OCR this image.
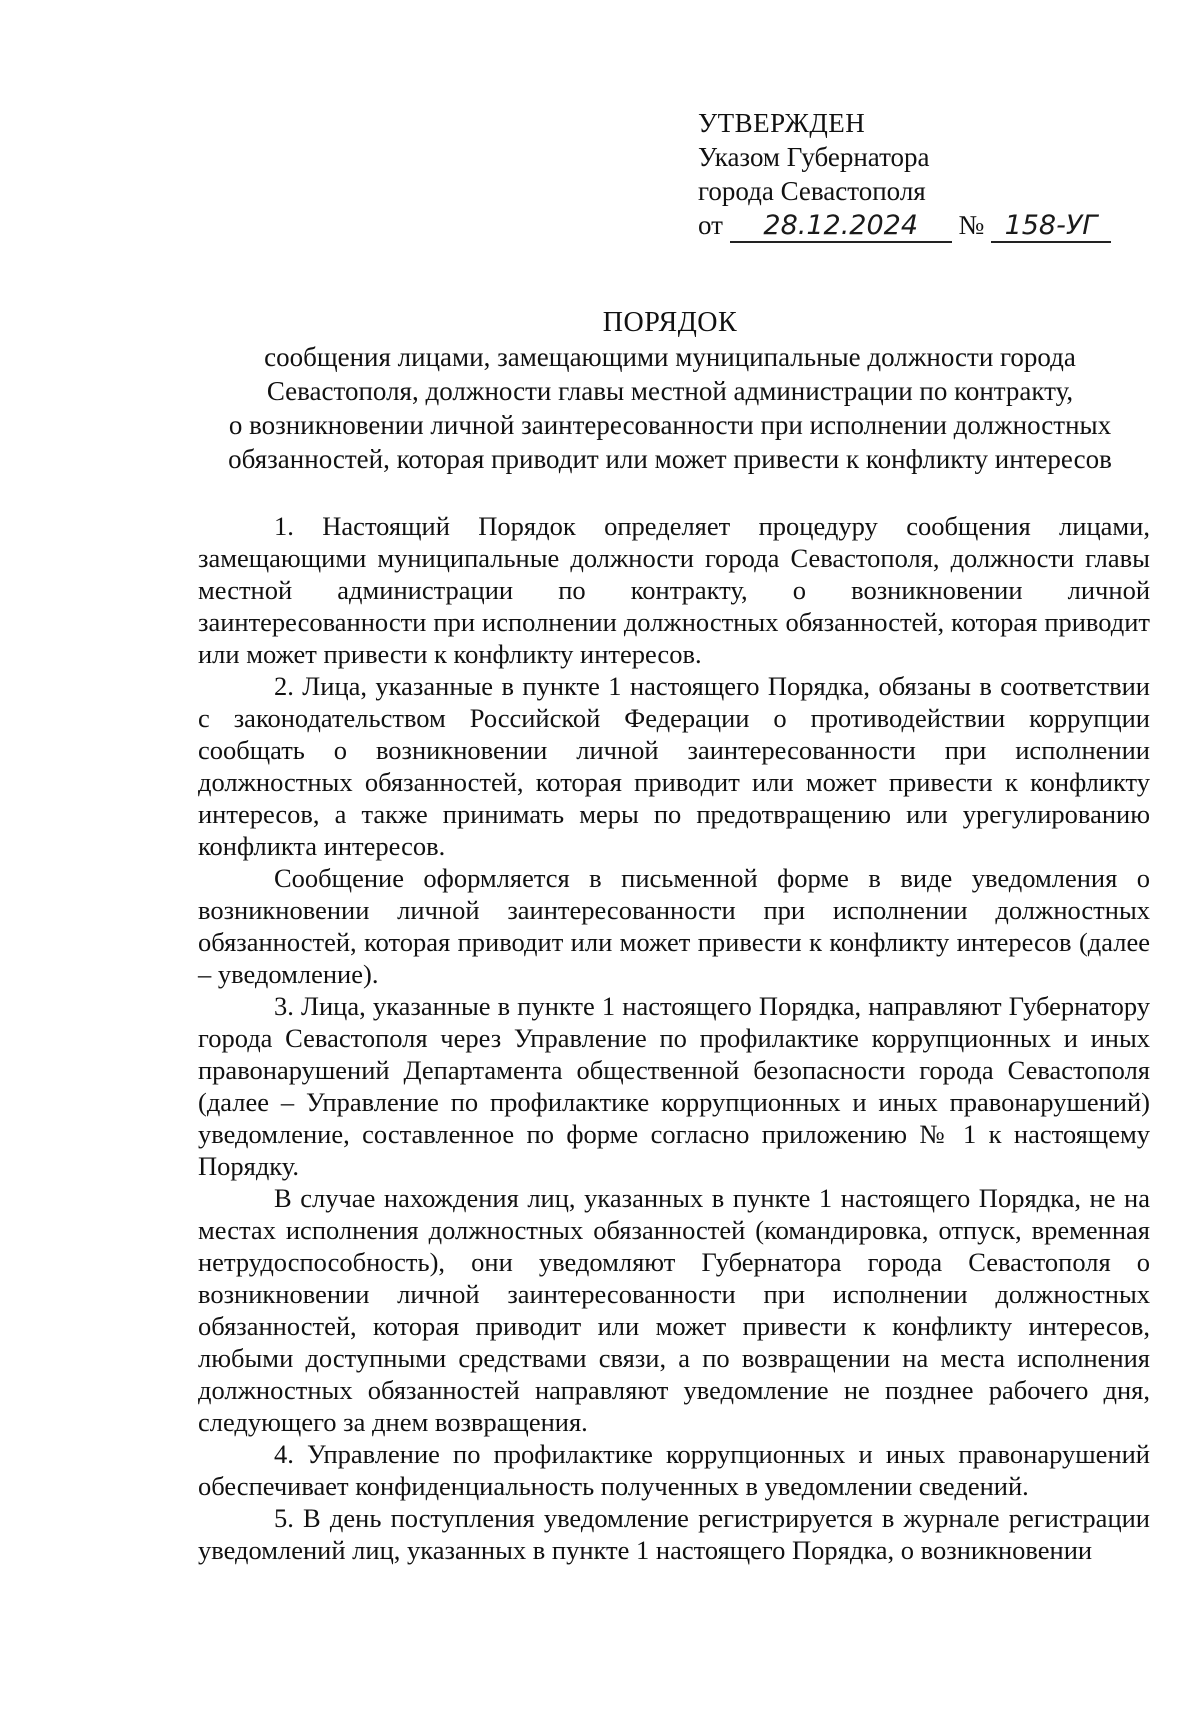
УТВЕРЖДЕН
Указом Губернатора
города Севастополя
от 28.12.2024 № 158-УГ
ПОРЯДОК
сообщения лицами, замещающими муниципальные должности города
Севастополя, должности главы местной администрации по контракту,
о возникновении личной заинтересованности при исполнении должностных
обязанностей, которая приводит или может привести к конфликту интересов

1. Настоящий Порядок определяет процедуру сообщения лицами, замещающими муниципальные должности города Севастополя, должности главы местной администрации по контракту, о возникновении личной заинтересованности при исполнении должностных обязанностей, которая приводит или может привести к конфликту интересов.

2. Лица, указанные в пункте 1 настоящего Порядка, обязаны в соответствии с законодательством Российской Федерации о противодействии коррупции сообщать о возникновении личной заинтересованности при исполнении должностных обязанностей, которая приводит или может привести к конфликту интересов, а также принимать меры по предотвращению или урегулированию конфликта интересов.

Сообщение оформляется в письменной форме в виде уведомления о возникновении личной заинтересованности при исполнении должностных обязанностей, которая приводит или может привести к конфликту интересов (далее – уведомление).

3. Лица, указанные в пункте 1 настоящего Порядка, направляют Губернатору города Севастополя через Управление по профилактике коррупционных и иных правонарушений Департамента общественной безопасности города Севастополя (далее – Управление по профилактике коррупционных и иных правонарушений) уведомление, составленное по форме согласно приложению № 1 к настоящему Порядку.

В случае нахождения лиц, указанных в пункте 1 настоящего Порядка, не на местах исполнения должностных обязанностей (командировка, отпуск, временная нетрудоспособность), они уведомляют Губернатора города Севастополя о возникновении личной заинтересованности при исполнении должностных обязанностей, которая приводит или может привести к конфликту интересов, любыми доступными средствами связи, а по возвращении на места исполнения должностных обязанностей направляют уведомление не позднее рабочего дня, следующего за днем возвращения.

4. Управление по профилактике коррупционных и иных правонарушений обеспечивает конфиденциальность полученных в уведомлении сведений.

5. В день поступления уведомление регистрируется в журнале регистрации уведомлений лиц, указанных в пункте 1 настоящего Порядка, о возникновении
